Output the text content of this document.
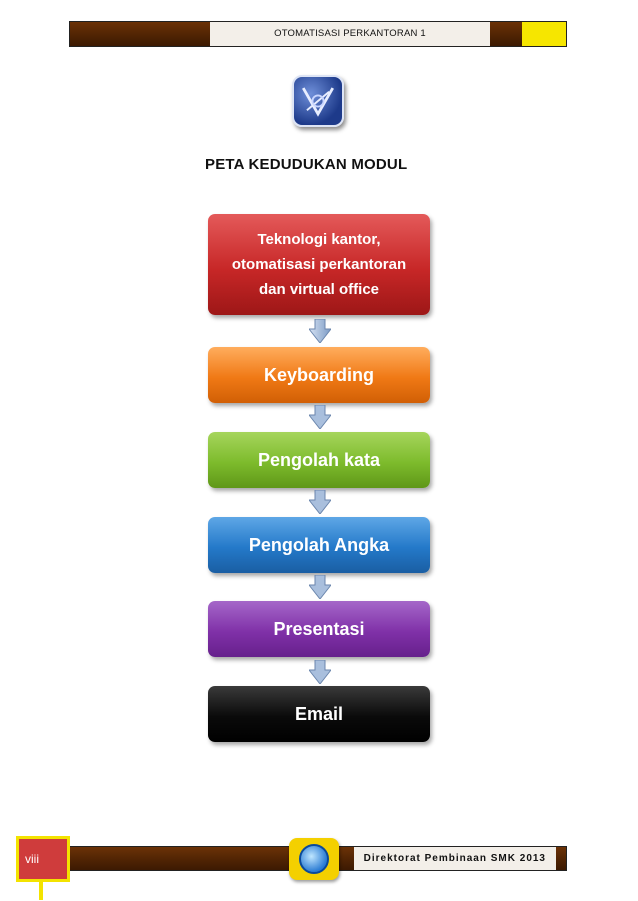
OTOMATISASI PERKANTORAN 1
PETA KEDUDUKAN MODUL
Teknologi kantor,
otomatisasi perkantoran
dan virtual office
Keyboarding
Pengolah kata
Pengolah Angka
Presentasi
Email
Direktorat Pembinaan SMK 2013
viii
